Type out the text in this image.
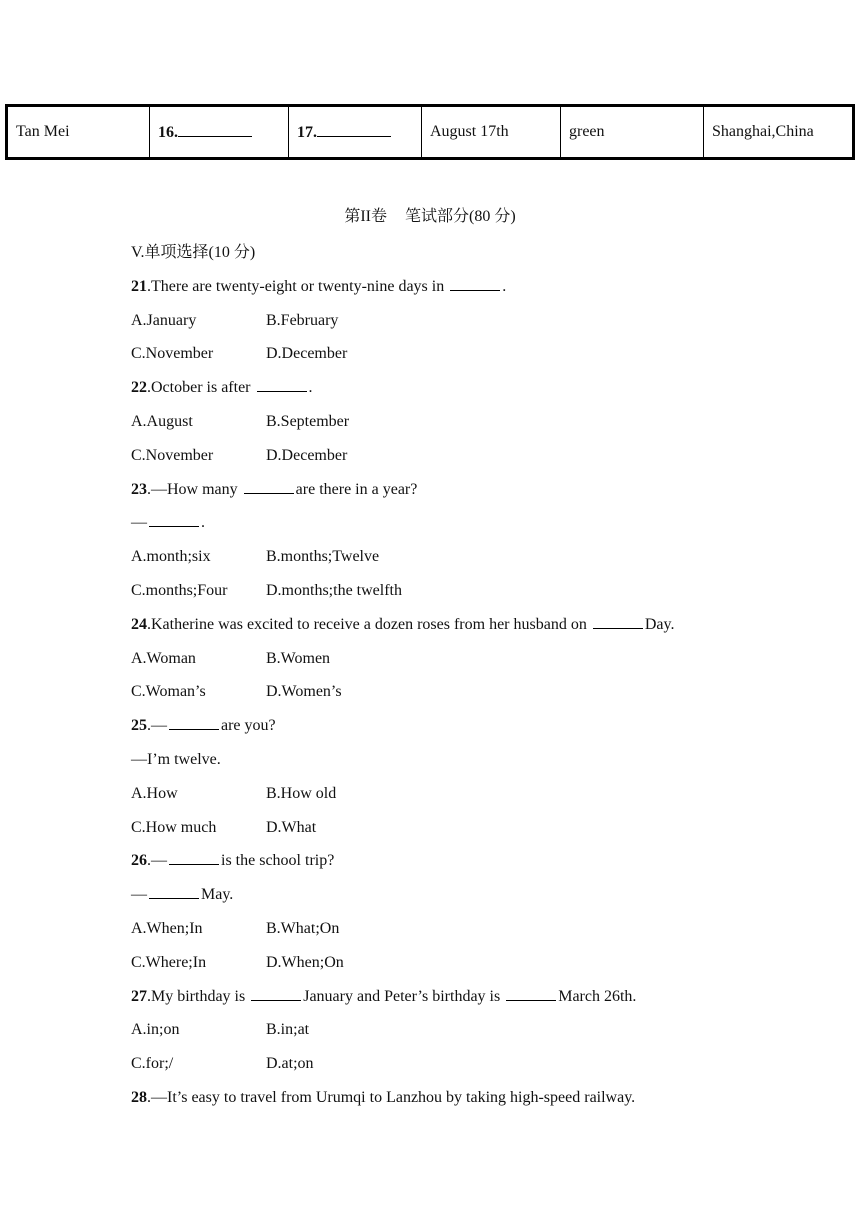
Tan Mei	16.	17.	August 17th	green	Shanghai,China
第II卷 笔试部分(80 分)
V.单项选择(10 分)
21.There are twenty-eight or twenty-nine days in	.
A.January	B.February
C.November	D.December
22.October is after	.
A.August	B.September
C.November	D.December
23.—How many	are there in a year?
—	.
A.month;six	B.months;Twelve
C.months;Four D.months;the twelfth
24.Katherine was excited to receive a dozen roses from her husband on	Day.
A.Woman	B.Women
C.Woman’s	D.Women’s
25.—	are you?
—I’m twelve.
A.How	B.How old
C.How much	D.What
26.—	is the school trip?
—	May.
A.When;In	B.What;On
C.Where;In	D.When;On
27.My birthday is	January and Peter’s birthday is	March 26th.
A.in;on	B.in;at
C.for;/	D.at;on
28.—It’s easy to travel from Urumqi to Lanzhou by taking high-speed railway.
